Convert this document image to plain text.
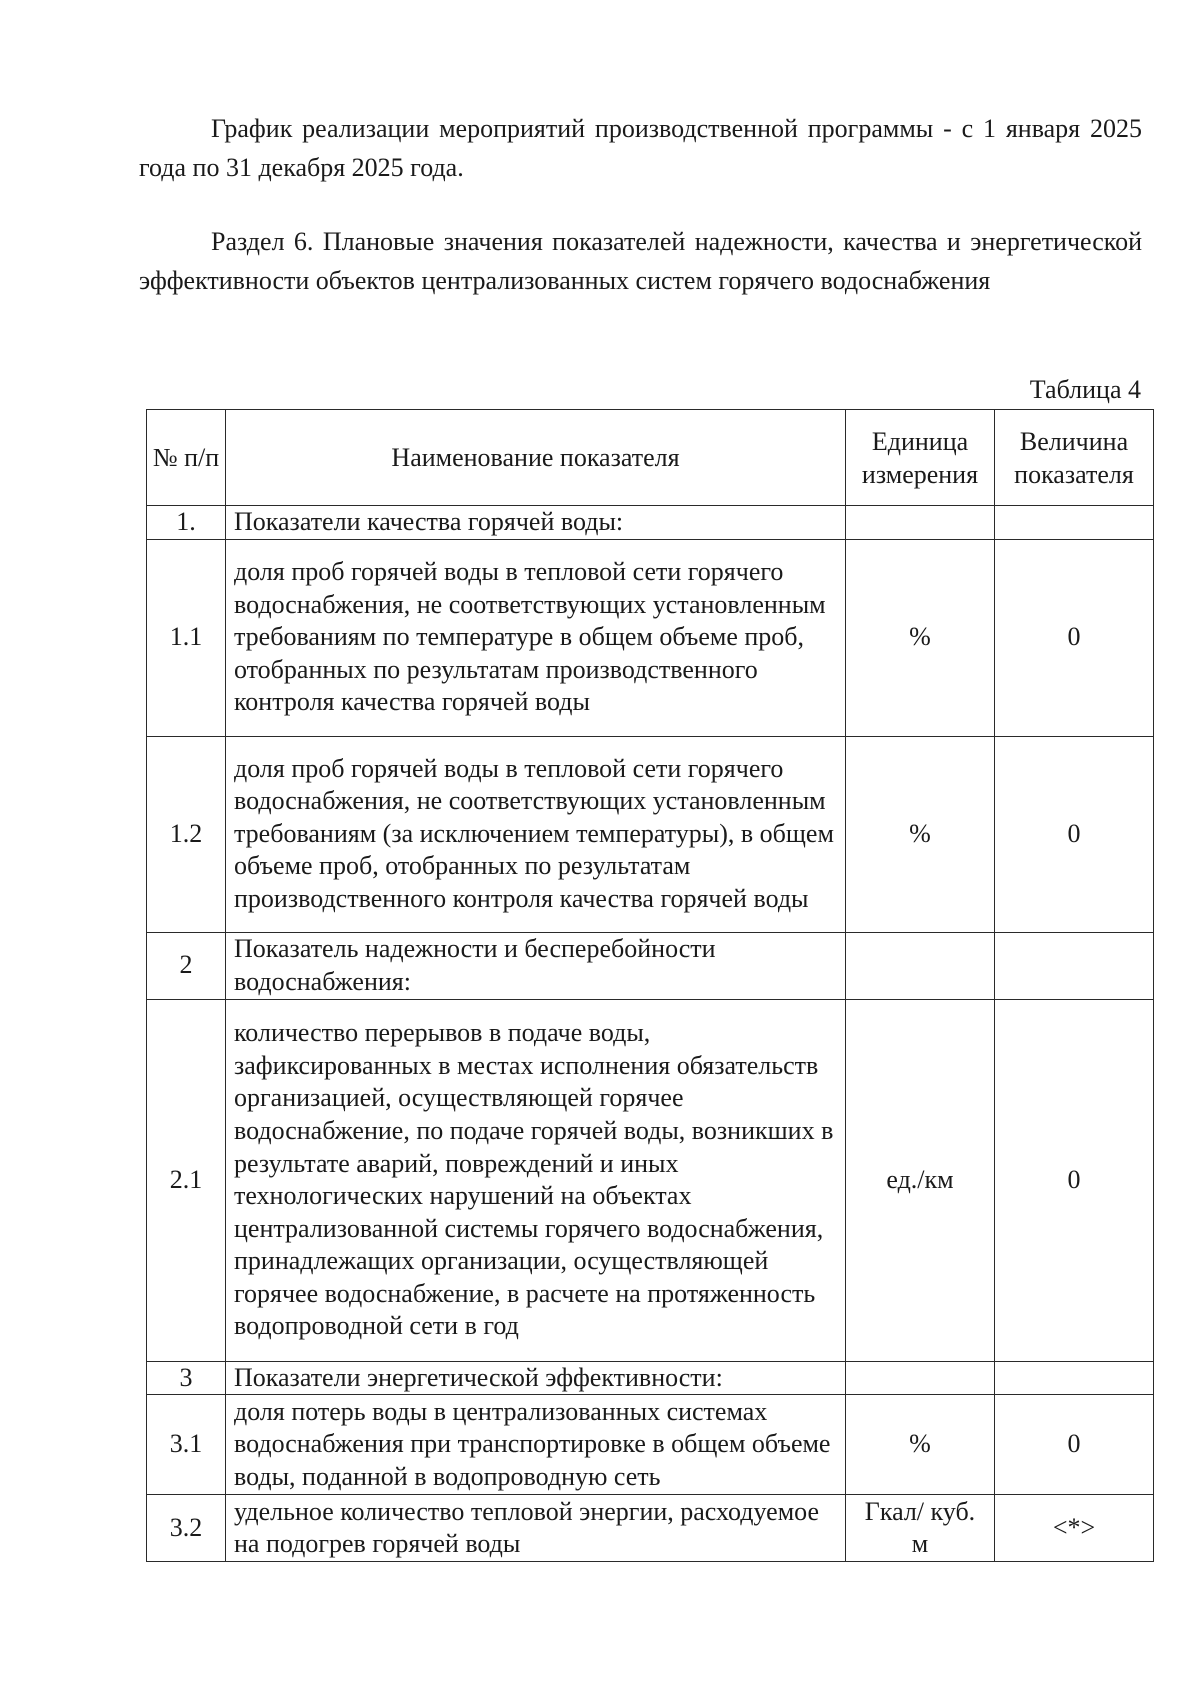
График реализации мероприятий производственной программы - с 1 января 2025 года по 31 декабря 2025 года.

Раздел 6. Плановые значения показателей надежности, качества и энергетической эффективности объектов централизованных систем горячего водоснабжения

Таблица 4
№ п/п	Наименование показателя	Единица измерения	Величина показателя
1.	Показатели качества горячей воды:		
1.1	доля проб горячей воды в тепловой сети горячего водоснабжения, не соответствующих установленным требованиям по температуре в общем объеме проб, отобранных по результатам производственного контроля качества горячей воды	%	0
1.2	доля проб горячей воды в тепловой сети горячего водоснабжения, не соответствующих установленным требованиям (за исключением температуры), в общем объеме проб, отобранных по результатам производственного контроля качества горячей воды	%	0
2	Показатель надежности и бесперебойности водоснабжения:		
2.1	количество перерывов в подаче воды, зафиксированных в местах исполнения обязательств организацией, осуществляющей горячее водоснабжение, по подаче горячей воды, возникших в результате аварий, повреждений и иных технологических нарушений на объектах централизованной системы горячего водоснабжения, принадлежащих организации, осуществляющей горячее водоснабжение, в расчете на протяженность водопроводной сети в год	ед./км	0
3	Показатели энергетической эффективности:		
3.1	доля потерь воды в централизованных системах водоснабжения при транспортировке в общем объеме воды, поданной в водопроводную сеть	%	0
3.2	удельное количество тепловой энергии, расходуемое на подогрев горячей воды	Гкал/ куб. м	<*>
